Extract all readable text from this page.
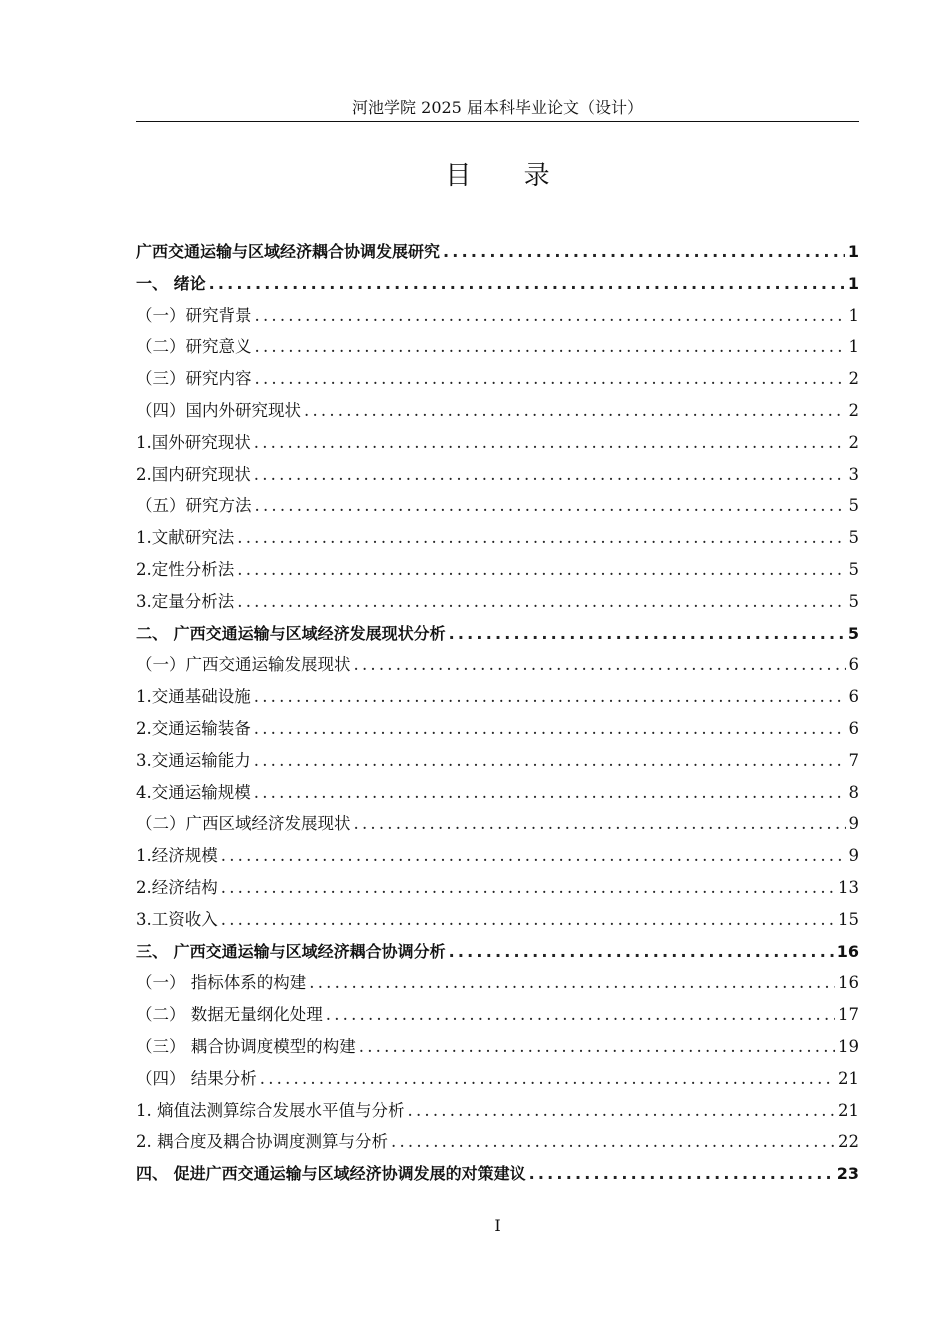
河池学院 2025 届本科毕业论文（设计）
目 录
广西交通运输与区域经济耦合协调发展研究 .....	1
一、 绪论 .....	1
（一）研究背景 .....	1
（二）研究意义 .....	1
（三）研究内容 .....	2
（四）国内外研究现状 .....	2
1.国外研究现状 .....	2
2.国内研究现状 .....	3
（五）研究方法 .....	5
1.文献研究法 .....	5
2.定性分析法 .....	5
3.定量分析法 .....	5
二、 广西交通运输与区域经济发展现状分析 .....	5
（一）广西交通运输发展现状 .....	6
1.交通基础设施 .....	6
2.交通运输装备 .....	6
3.交通运输能力 .....	7
4.交通运输规模 .....	8
（二）广西区域经济发展现状 .....	9
1.经济规模 .....	9
2.经济结构 .....	13
3.工资收入 .....	15
三、 广西交通运输与区域经济耦合协调分析 .....	16
（一） 指标体系的构建 .....	16
（二） 数据无量纲化处理 .....	17
（三） 耦合协调度模型的构建 .....	19
（四） 结果分析 .....	21
1. 熵值法测算综合发展水平值与分析 .....	21
2. 耦合度及耦合协调度测算与分析 .....	22
四、 促进广西交通运输与区域经济协调发展的对策建议 .....	23
I
